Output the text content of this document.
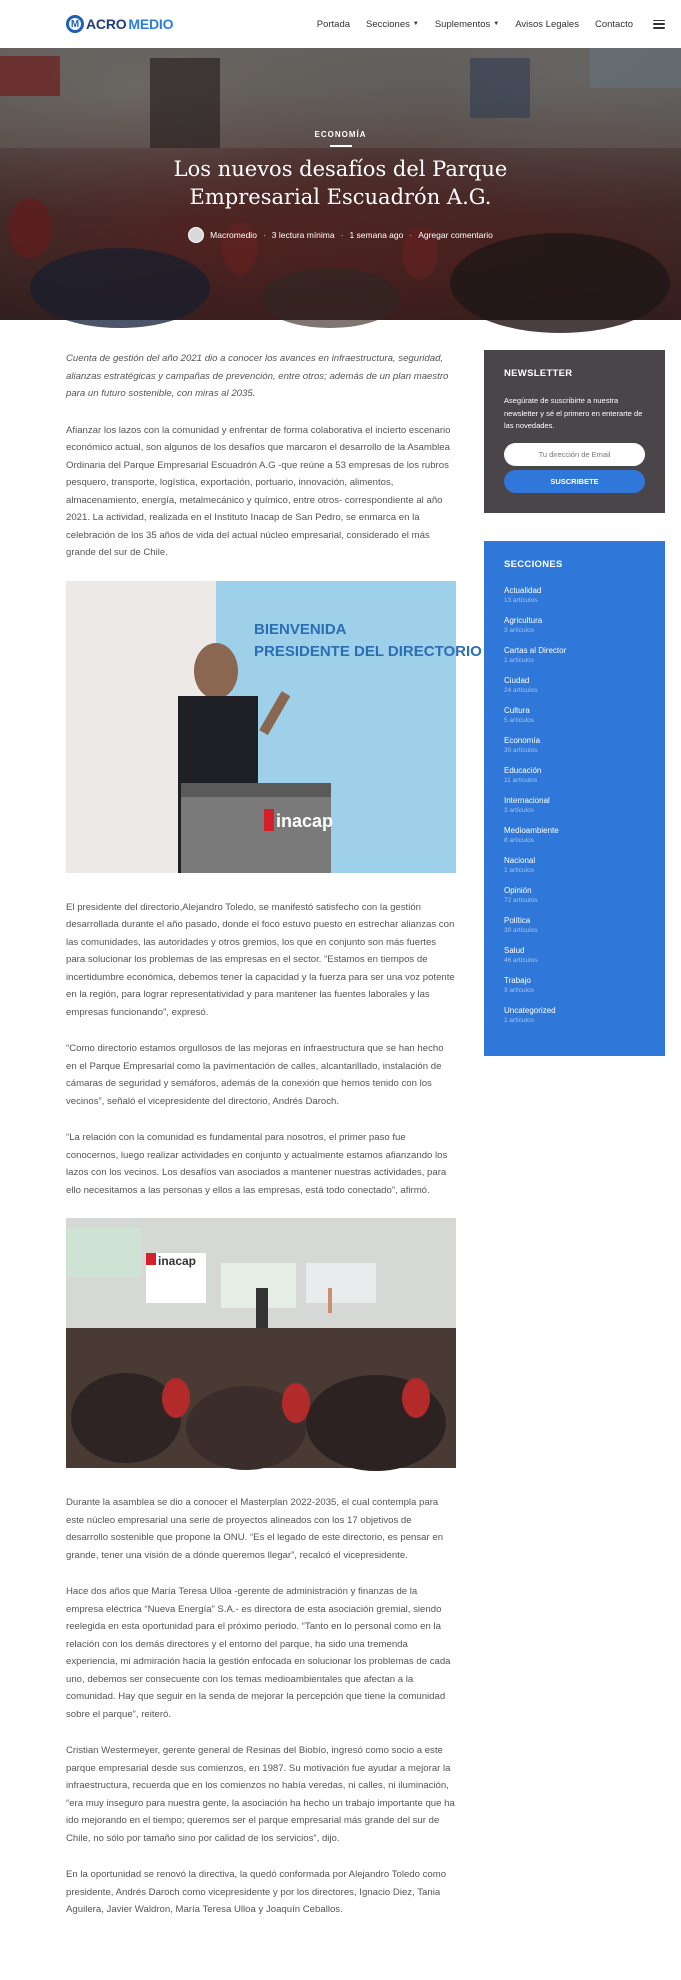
M ACRO MEDIO	Portada Secciones ▼ Suplementos ▼ Avisos Legales Contacto
ECONOMÍA
Los nuevos desafíos del Parque Empresarial Escuadrón A.G.
Macromedio · 3 lectura mínima · 1 semana ago · Agregar comentario

Cuenta de gestión del año 2021 dio a conocer los avances en infraestructura, seguridad, alianzas estratégicas y campañas de prevención, entre otros; además de un plan maestro para un futuro sostenible, con miras al 2035.

Afianzar los lazos con la comunidad y enfrentar de forma colaborativa el incierto escenario económico actual, son algunos de los desafíos que marcaron el desarrollo de la Asamblea Ordinaria del Parque Empresarial Escuadrón A.G -que reúne a 53 empresas de los rubros pesquero, transporte, logística, exportación, portuario, innovación, alimentos, almacenamiento, energía, metalmecánico y químico, entre otros- correspondiente al año 2021. La actividad, realizada en el Instituto Inacap de San Pedro, se enmarca en la celebración de los 35 años de vida del actual núcleo empresarial, considerado el más grande del sur de Chile.

BIENVENIDA
PRESIDENTE DEL DIRECTORIO
inacap

El presidente del directorio,Alejandro Toledo, se manifestó satisfecho con la gestión desarrollada durante el año pasado, donde el foco estuvo puesto en estrechar alianzas con las comunidades, las autoridades y otros gremios, los que en conjunto son más fuertes para solucionar los problemas de las empresas en el sector. “Estamos en tiempos de incertidumbre económica, debemos tener la capacidad y la fuerza para ser una voz potente en la región, para lograr representatividad y para mantener las fuentes laborales y las empresas funcionando”, expresó.

“Como directorio estamos orgullosos de las mejoras en infraestructura que se han hecho en el Parque Empresarial como la pavimentación de calles, alcantarillado, instalación de cámaras de seguridad y semáforos, además de la conexión que hemos tenido con los vecinos”, señaló el vicepresidente del directorio, Andrés Daroch.

“La relación con la comunidad es fundamental para nosotros, el primer paso fue conocernos, luego realizar actividades en conjunto y actualmente estamos afianzando los lazos con los vecinos. Los desafíos van asociados a mantener nuestras actividades, para ello necesitamos a las personas y ellos a las empresas, está todo conectado”, afirmó.

inacap

Durante la asamblea se dio a conocer el Masterplan 2022-2035, el cual contempla para este núcleo empresarial una serie de proyectos alineados con los 17 objetivos de desarrollo sostenible que propone la ONU. “Es el legado de este directorio, es pensar en grande, tener una visión de a dónde queremos llegar”, recalcó el vicepresidente.

Hace dos años que María Teresa Ulloa -gerente de administración y finanzas de la empresa eléctrica “Nueva Energía” S.A.- es directora de esta asociación gremial, siendo reelegida en esta oportunidad para el próximo periodo. “Tanto en lo personal como en la relación con los demás directores y el entorno del parque, ha sido una tremenda experiencia, mi admiración hacia la gestión enfocada en solucionar los problemas de cada uno, debemos ser consecuente con los temas medioambientales que afectan a la comunidad. Hay que seguir en la senda de mejorar la percepción que tiene la comunidad sobre el parque”, reiteró.

Cristian Westermeyer, gerente general de Resinas del Biobío, ingresó como socio a este parque empresarial desde sus comienzos, en 1987. Su motivación fue ayudar a mejorar la infraestructura, recuerda que en los comienzos no había veredas, ni calles, ni iluminación, “era muy inseguro para nuestra gente, la asociación ha hecho un trabajo importante que ha ido mejorando en el tiempo; queremos ser el parque empresarial más grande del sur de Chile, no sólo por tamaño sino por calidad de los servicios”, dijo.

En la oportunidad se renovó la directiva, la quedó conformada por Alejandro Toledo como presidente, Andrés Daroch como vicepresidente y por los directores, Ignacio Diez, Tania Aguilera, Javier Waldron, María Teresa Ulloa y Joaquín Ceballos.

NEWSLETTER
Asegúrate de suscribirte a nuestra newsletter y sé el primero en enterarte de las novedades.
Tu dirección de Email SUSCRIBETE
SECCIONES
Actualidad
13 artículos
Agricultura
3 artículos
Cartas al Director
1 artículos
Ciudad
24 artículos
Cultura
5 artículos
Economía
30 artículos
Educación
11 artículos
Internacional
3 artículos
Medioambiente
8 artículos
Nacional
1 artículos
Opinión
72 artículos
Política
30 artículos
Salud
46 artículos
Trabajo
3 artículos
Uncategorized
1 artículos
